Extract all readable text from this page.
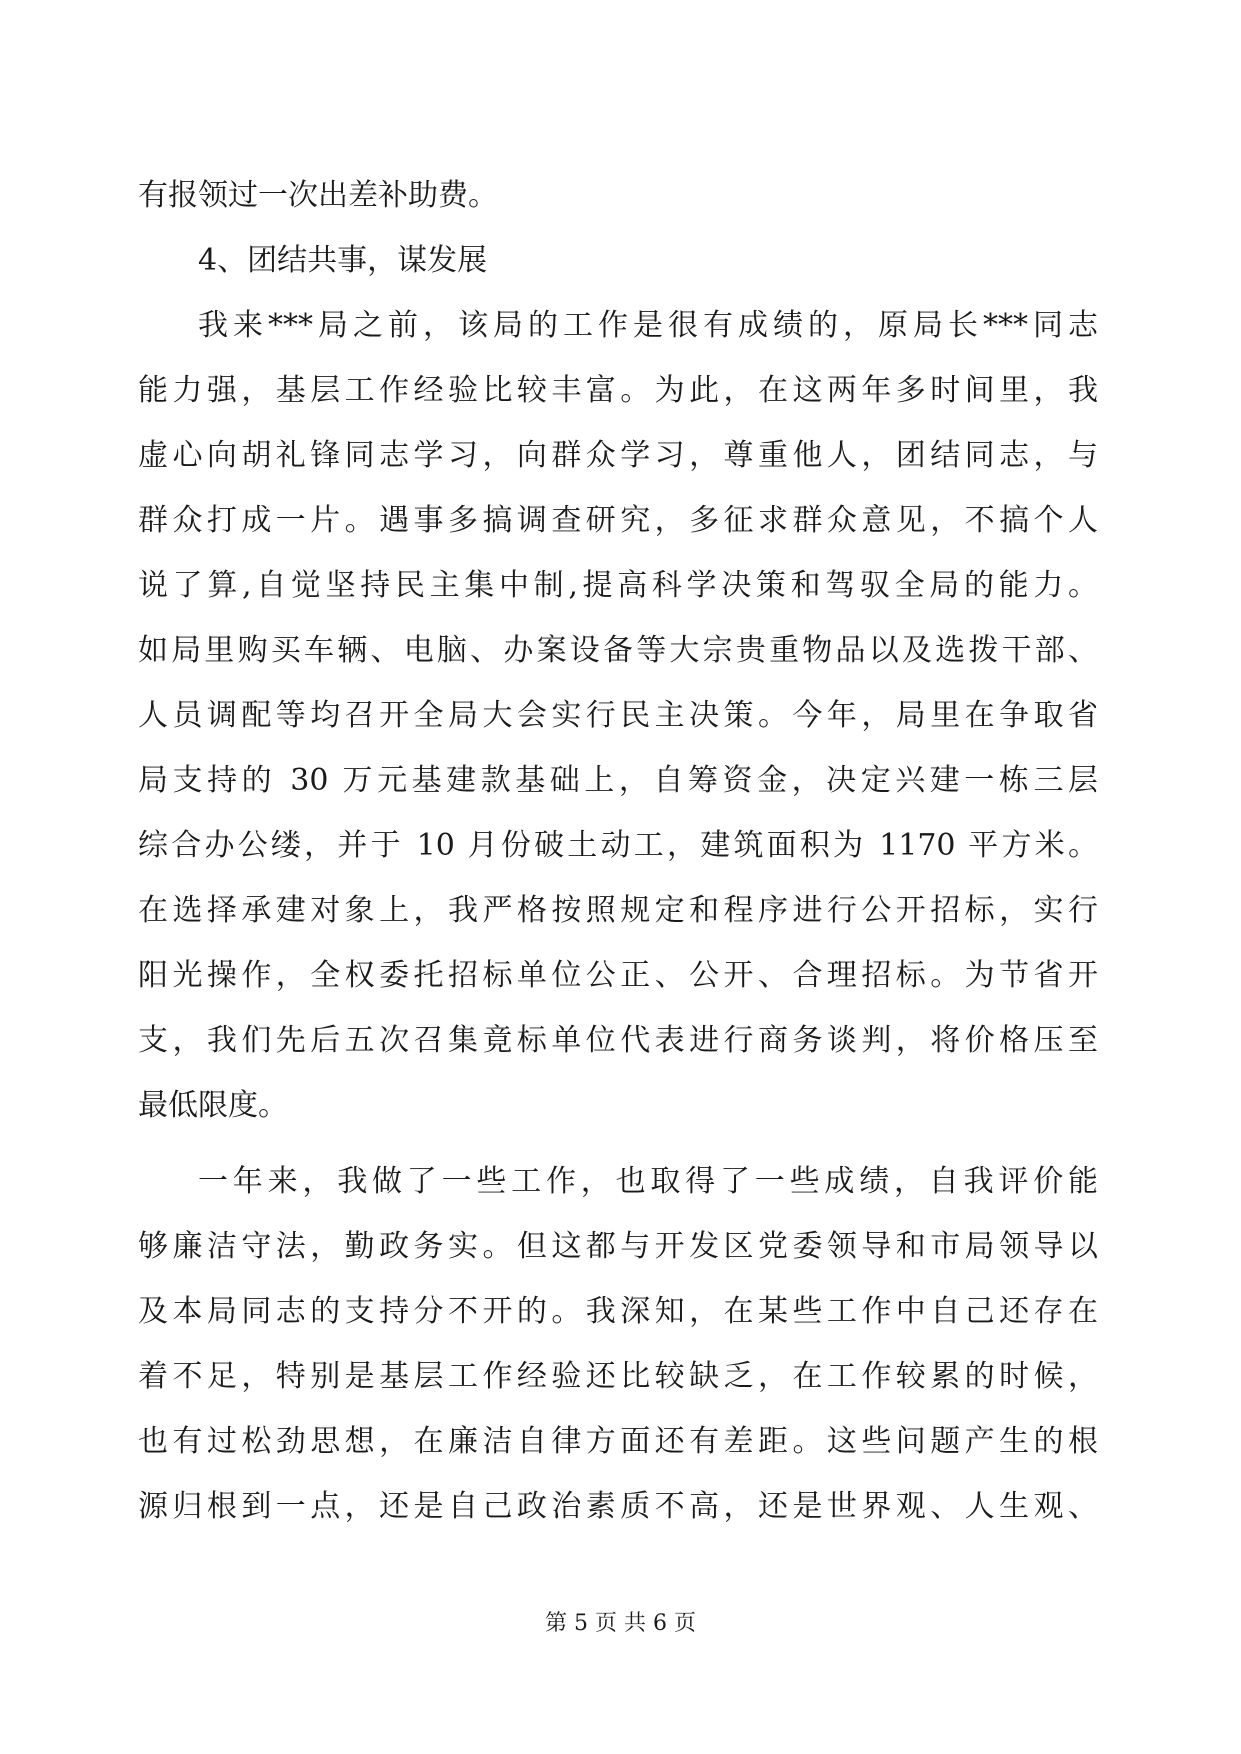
有报领过一次出差补助费。
4、团结共事，谋发展
我来***局之前，该局的工作是很有成绩的，原局长***同志
能力强，基层工作经验比较丰富。为此，在这两年多时间里，我
虚心向胡礼锋同志学习，向群众学习，尊重他人，团结同志，与
群众打成一片。遇事多搞调查研究，多征求群众意见，不搞个人
说了算,自觉坚持民主集中制,提高科学决策和驾驭全局的能力。
如局里购买车辆、电脑、办案设备等大宗贵重物品以及选拨干部、
人员调配等均召开全局大会实行民主决策。今年，局里在争取省
局支持的 30 万元基建款基础上，自筹资金，决定兴建一栋三层
综合办公缕，并于 10 月份破土动工，建筑面积为 1170 平方米。
在选择承建对象上，我严格按照规定和程序进行公开招标，实行
阳光操作，全权委托招标单位公正、公开、合理招标。为节省开
支，我们先后五次召集竟标单位代表进行商务谈判，将价格压至
最低限度。
一年来，我做了一些工作，也取得了一些成绩，自我评价能
够廉洁守法，勤政务实。但这都与开发区党委领导和市局领导以
及本局同志的支持分不开的。我深知，在某些工作中自己还存在
着不足，特别是基层工作经验还比较缺乏，在工作较累的时候，
也有过松劲思想，在廉洁自律方面还有差距。这些问题产生的根
源归根到一点，还是自己政治素质不高，还是世界观、人生观、
第 5 页 共 6 页
